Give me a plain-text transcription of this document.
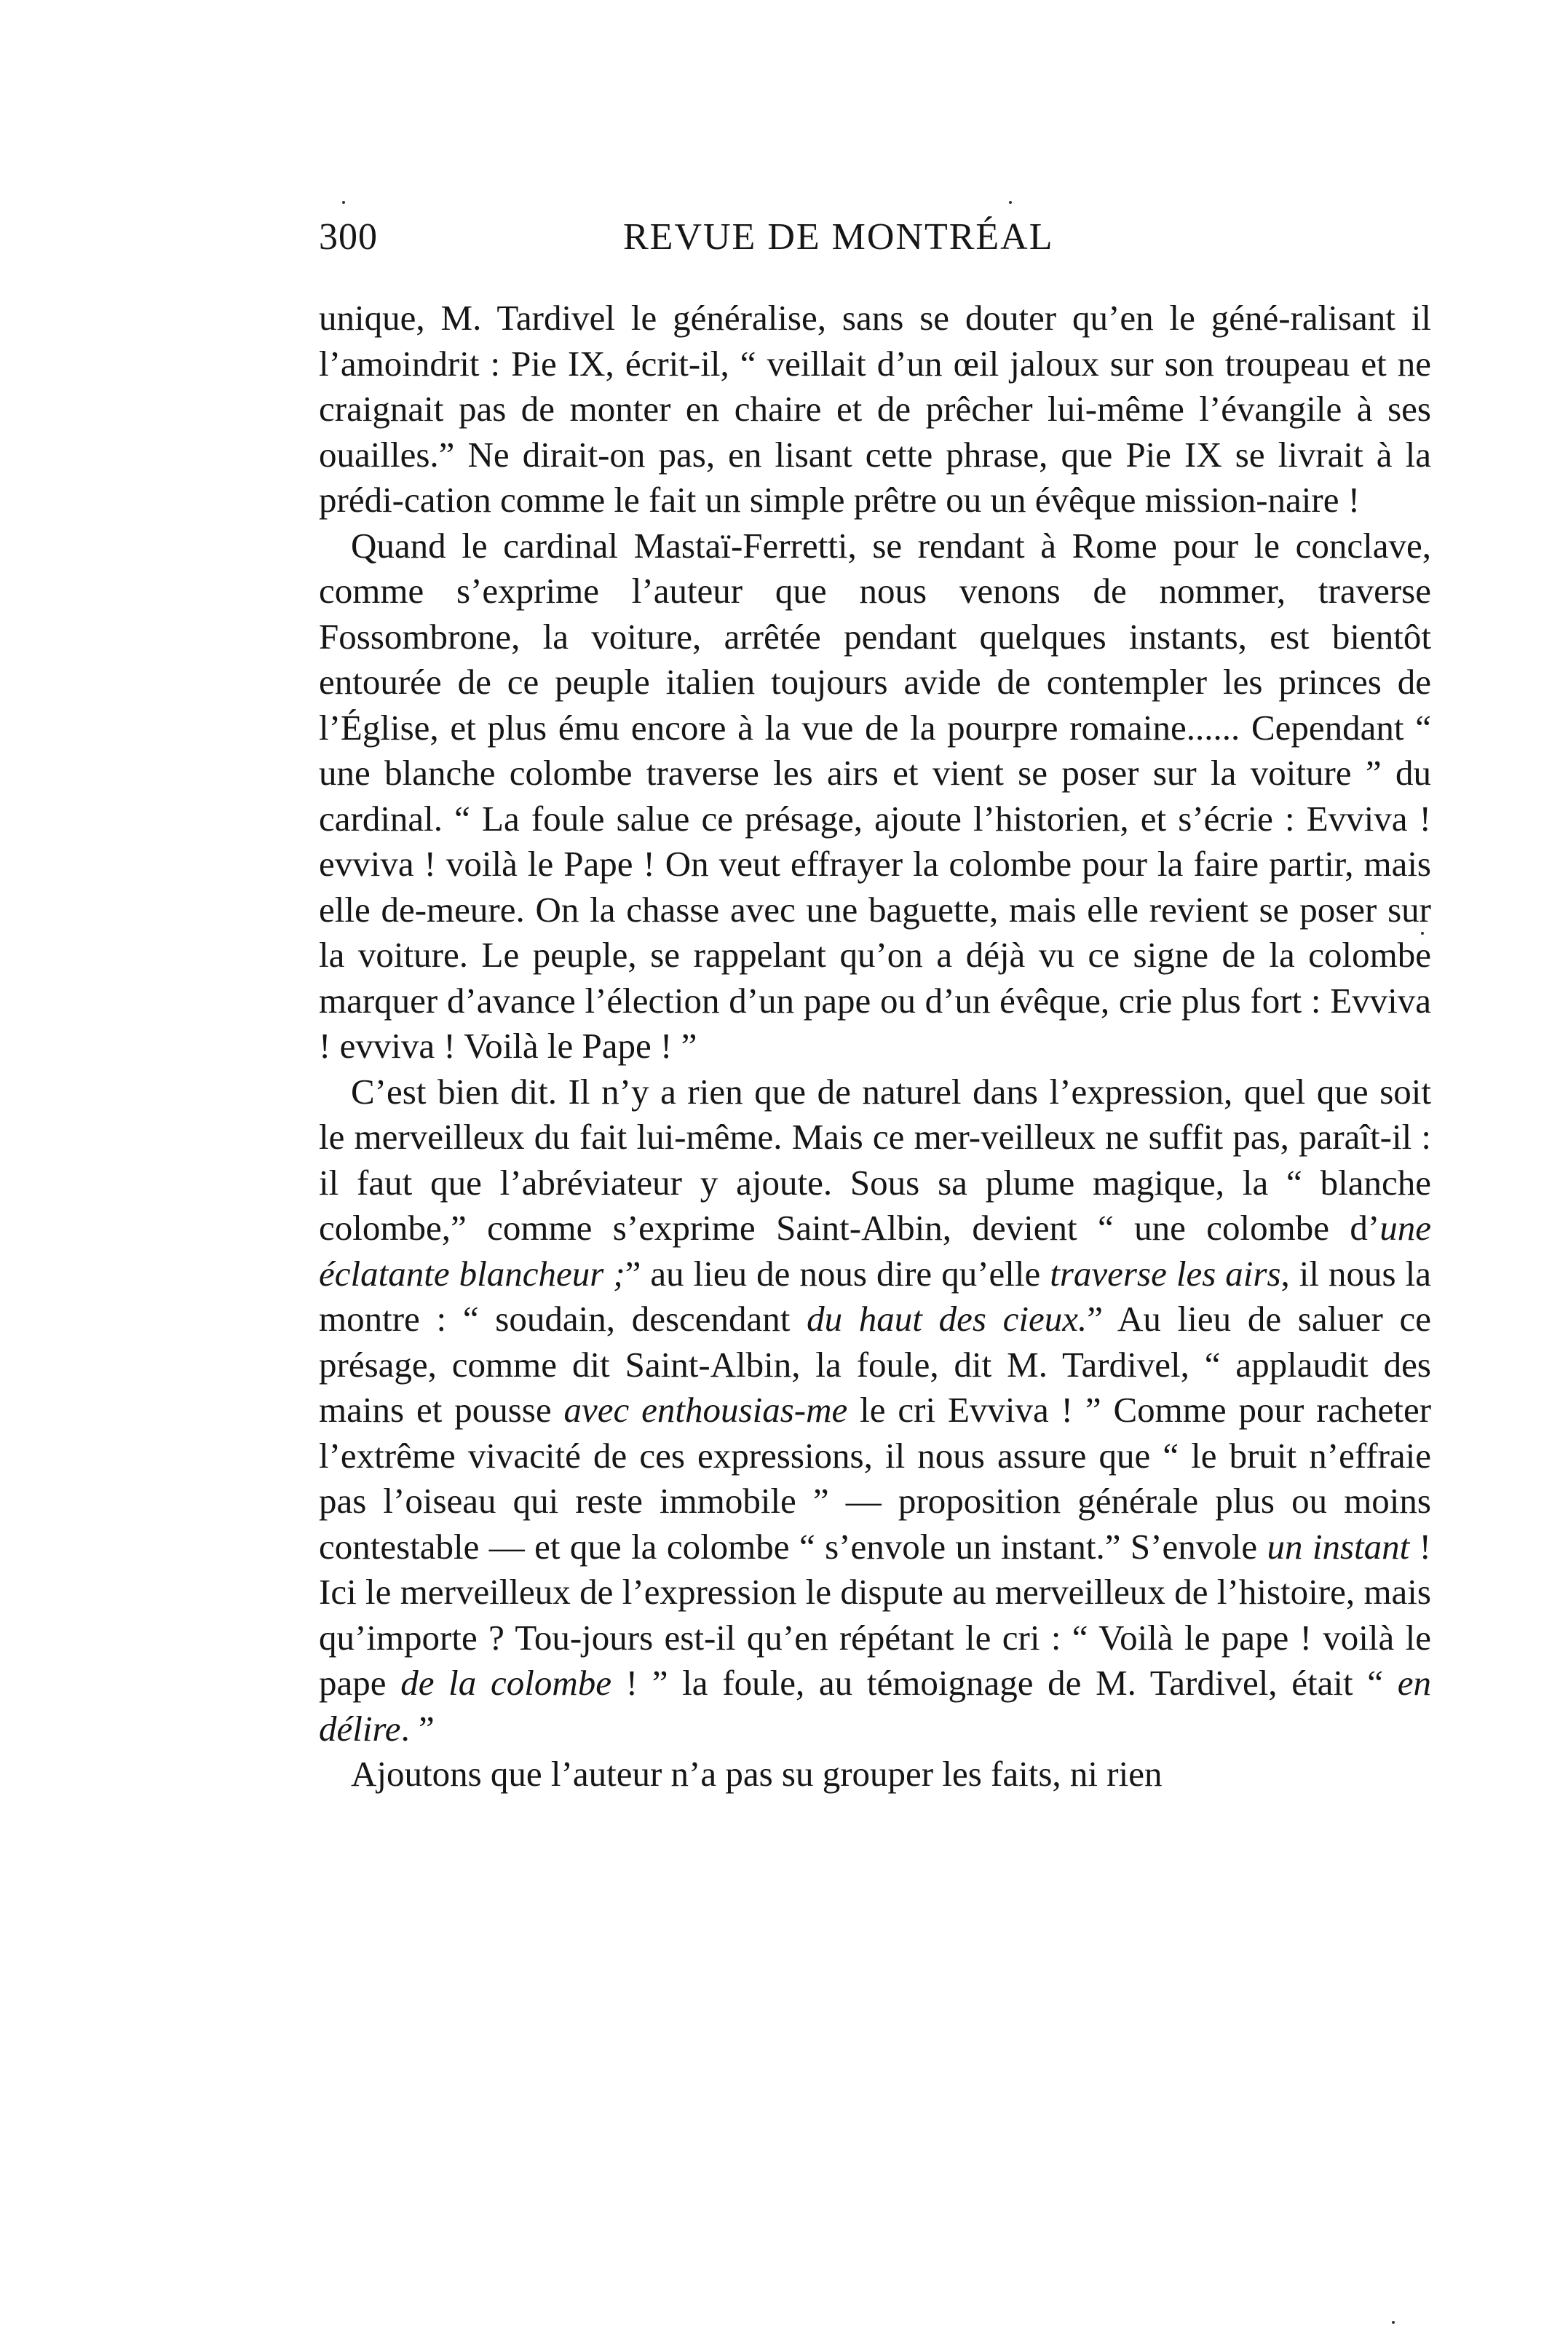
300	REVUE DE MONTRÉAL

unique, M. Tardivel le généralise, sans se douter qu’en le géné-ralisant il l’amoindrit : Pie IX, écrit-il, “ veillait d’un œil jaloux sur son troupeau et ne craignait pas de monter en chaire et de prêcher lui-même l’évangile à ses ouailles.” Ne dirait-on pas, en lisant cette phrase, que Pie IX se livrait à la prédi-cation comme le fait un simple prêtre ou un évêque mission-naire !

Quand le cardinal Mastaï-Ferretti, se rendant à Rome pour le conclave, comme s’exprime l’auteur que nous venons de nommer, traverse Fossombrone, la voiture, arrêtée pendant quelques instants, est bientôt entourée de ce peuple italien toujours avide de contempler les princes de l’Église, et plus ému encore à la vue de la pourpre romaine...... Cependant “ une blanche colombe traverse les airs et vient se poser sur la voiture ” du cardinal. “ La foule salue ce présage, ajoute l’historien, et s’écrie : Evviva ! evviva ! voilà le Pape ! On veut effrayer la colombe pour la faire partir, mais elle de-meure. On la chasse avec une baguette, mais elle revient se poser sur la voiture. Le peuple, se rappelant qu’on a déjà vu ce signe de la colombe marquer d’avance l’élection d’un pape ou d’un évêque, crie plus fort : Evviva ! evviva ! Voilà le Pape ! ”

C’est bien dit. Il n’y a rien que de naturel dans l’expression, quel que soit le merveilleux du fait lui-même. Mais ce mer-veilleux ne suffit pas, paraît-il : il faut que l’abréviateur y ajoute. Sous sa plume magique, la “ blanche colombe,” comme s’exprime Saint-Albin, devient “ une colombe d’une éclatante blancheur ;” au lieu de nous dire qu’elle traverse les airs, il nous la montre : “ soudain, descendant du haut des cieux.” Au lieu de saluer ce présage, comme dit Saint-Albin, la foule, dit M. Tardivel, “ applaudit des mains et pousse avec enthousias-me le cri Evviva ! ” Comme pour racheter l’extrême vivacité de ces expressions, il nous assure que “ le bruit n’effraie pas l’oiseau qui reste immobile ” — proposition générale plus ou moins contestable — et que la colombe “ s’envole un instant.” S’envole un instant ! Ici le merveilleux de l’expression le dispute au merveilleux de l’histoire, mais qu’importe ? Tou-jours est-il qu’en répétant le cri : “ Voilà le pape ! voilà le pape de la colombe ! ” la foule, au témoignage de M. Tardivel, était “ en délire. ”

Ajoutons que l’auteur n’a pas su grouper les faits, ni rien
